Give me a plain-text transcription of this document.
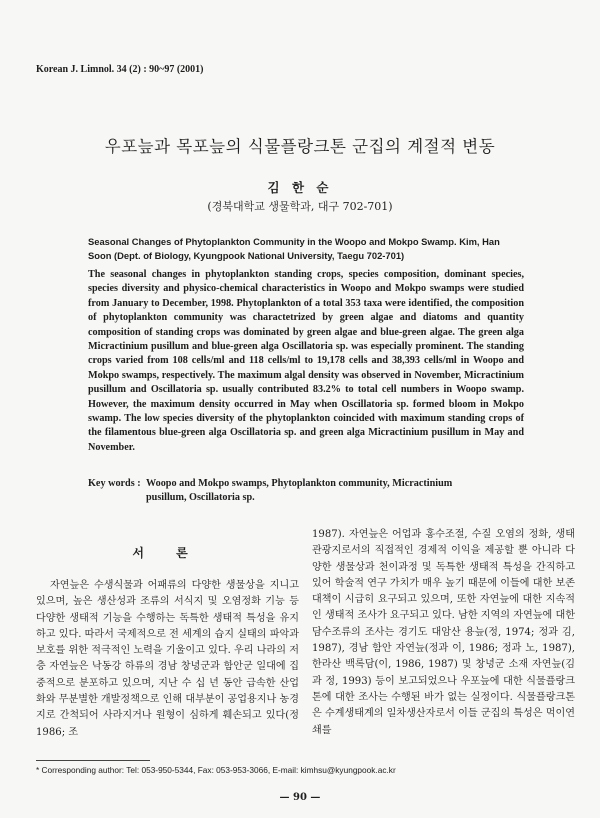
Korean J. Limnol. 34 (2) : 90~97 (2001)
우포늪과 목포늪의 식물플랑크톤 군집의 계절적 변동
김 한 순
(경북대학교 생물학과, 대구 702-701)
Seasonal Changes of Phytoplankton Community in the Woopo and Mokpo Swamp. Kim, Han Soon (Dept. of Biology, Kyungpook National University, Taegu 702-701)
The seasonal changes in phytoplankton standing crops, species composition, dominant species, species diversity and physico-chemical characteristics in Woopo and Mokpo swamps were studied from January to December, 1998. Phytoplankton of a total 353 taxa were identified, the composition of phytoplankton community was charactetrized by green algae and diatoms and quantity composition of standing crops was dominated by green algae and blue-green algae. The green alga Micractinium pusillum and blue-green alga Oscillatoria sp. was especially prominent. The standing crops varied from 108 cells/ml and 118 cells/ml to 19,178 cells and 38,393 cells/ml in Woopo and Mokpo swamps, respectively. The maximum algal density was observed in November, Micractinium pusillum and Oscillatoria sp. usually contributed 83.2% to total cell numbers in Woopo swamp. However, the maximum density occurred in May when Oscillatoria sp. formed bloom in Mokpo swamp. The low species diversity of the phytoplankton coincided with maximum standing crops of the filamentous blue-green alga Oscillatoria sp. and green alga Micractinium pusillum in May and November.
Key words : Woopo and Mokpo swamps, Phytoplankton community, Micractinium
pusillum, Oscillatoria sp.
서 론
자연늪은 수생식물과 어패류의 다양한 생물상을 지니고 있으며, 높은 생산성과 조류의 서식지 및 오염정화 기능 등 다양한 생태적 기능을 수행하는 독특한 생태적 특성을 유지하고 있다. 따라서 국제적으로 전 세계의 습지 실태의 파악과 보호를 위한 적극적인 노력을 기울이고 있다. 우리 나라의 저층 자연늪은 낙동강 하류의 경남 창녕군과 함안군 일대에 집중적으로 분포하고 있으며, 지난 수 십 년 동안 급속한 산업화와 무분별한 개발정책으로 인해 대부분이 공업용지나 농경지로 간척되어 사라지거나 원형이 심하게 훼손되고 있다(정 1986; 조
1987). 자연늪은 어업과 홍수조절, 수질 오염의 정화, 생태관광지로서의 직접적인 경제적 이익을 제공할 뿐 아니라 다양한 생물상과 천이과정 및 독특한 생태적 특성을 간직하고 있어 학술적 연구 가치가 매우 높기 때문에 이들에 대한 보존 대책이 시급히 요구되고 있으며, 또한 자연늪에 대한 지속적인 생태적 조사가 요구되고 있다. 남한 지역의 자연늪에 대한 담수조류의 조사는 경기도 대암산 용늪(정, 1974; 정과 김, 1987), 경남 함안 자연늪(정과 이, 1986; 정과 노, 1987), 한라산 백록담(이, 1986, 1987) 및 창녕군 소재 자연늪(김과 정, 1993) 등이 보고되었으나 우포늪에 대한 식물플랑크톤에 대한 조사는 수행된 바가 없는 실정이다. 식물플랑크톤은 수계생태계의 일차생산자로서 이들 군집의 특성은 먹이연쇄를
* Corresponding author: Tel: 053-950-5344, Fax: 053-953-3066, E-mail: kimhsu@kyungpook.ac.kr
— 90 —
